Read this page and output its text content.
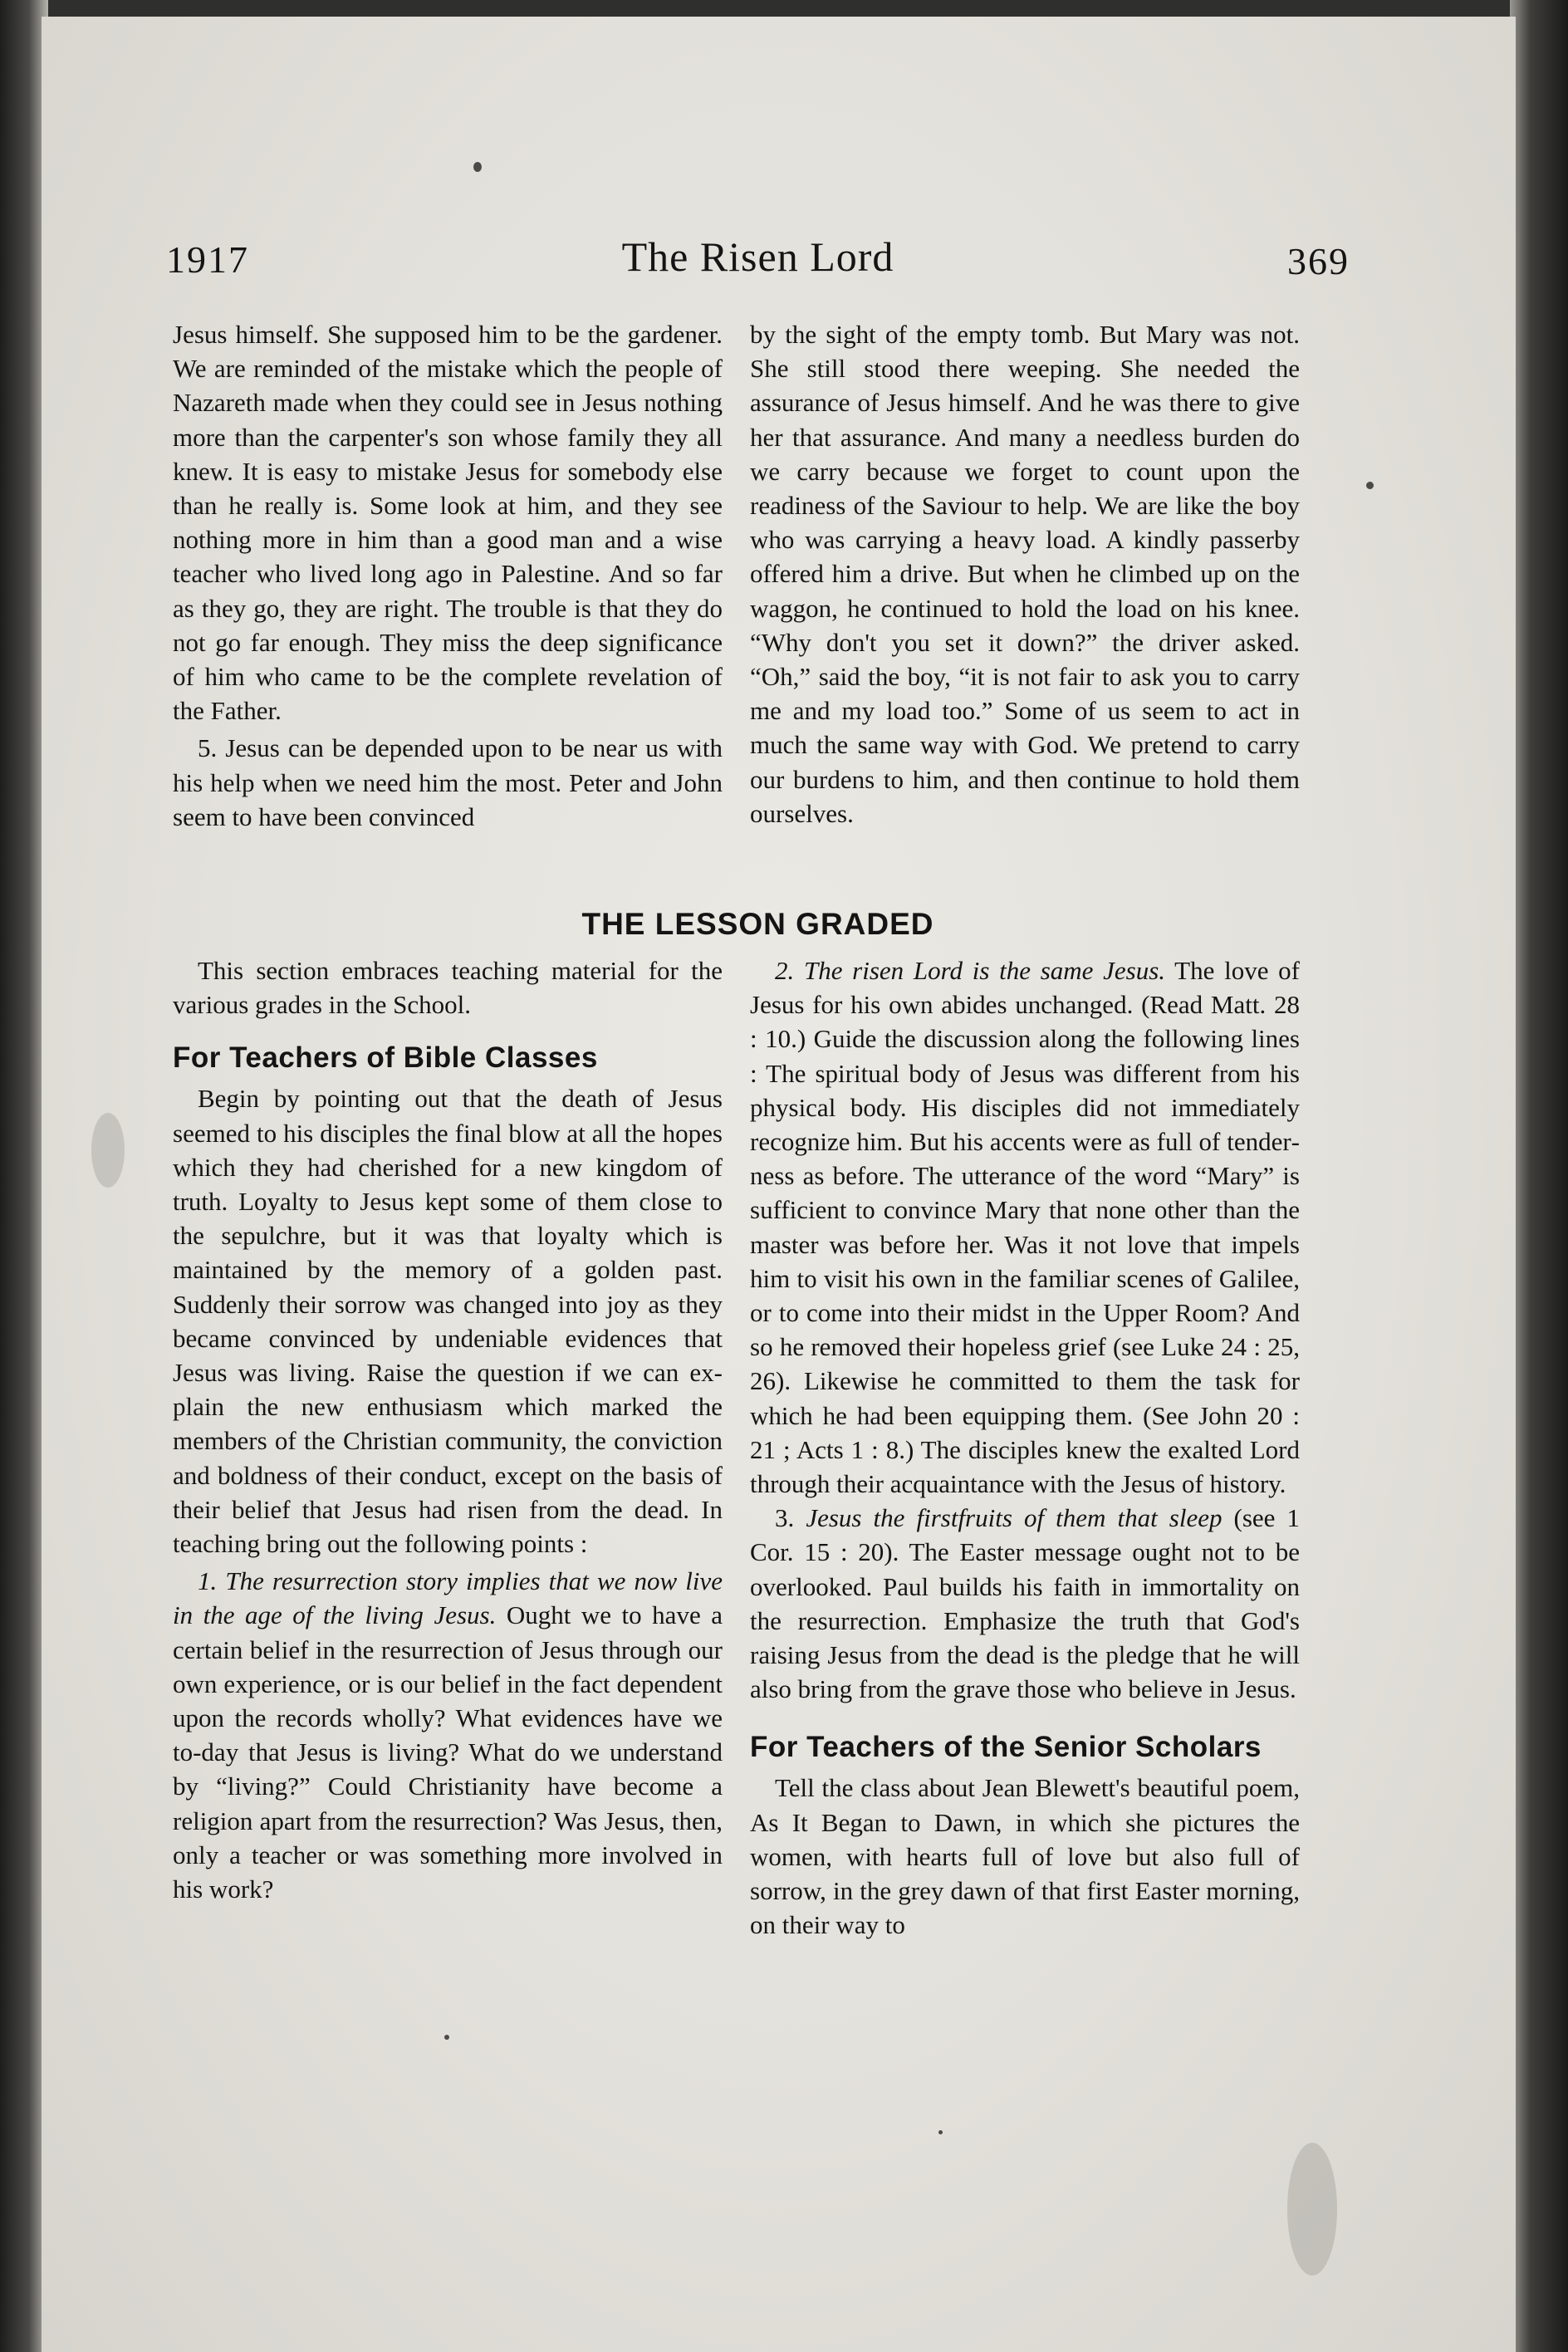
1917	The Risen Lord	369

Jesus himself. She supposed him to be the gardener. We are reminded of the mistake which the people of Nazareth made when they could see in Jesus nothing more than the carpenter's son whose family they all knew. It is easy to mistake Jesus for somebody else than he really is. Some look at him, and they see nothing more in him than a good man and a wise teacher who lived long ago in Palestine. And so far as they go, they are right. The trouble is that they do not go far enough. They miss the deep significance of him who came to be the complete revelation of the Father.

5. Jesus can be depended upon to be near us with his help when we need him the most. Peter and John seem to have been convinced

by the sight of the empty tomb. But Mary was not. She still stood there weeping. She needed the assurance of Jesus himself. And he was there to give her that assurance. And many a needless burden do we carry because we forget to count upon the readiness of the Saviour to help. We are like the boy who was carrying a heavy load. A kindly passerby offered him a drive. But when he climbed up on the waggon, he continued to hold the load on his knee. “Why don't you set it down?” the driver asked. “Oh,” said the boy, “it is not fair to ask you to carry me and my load too.” Some of us seem to act in much the same way with God. We pretend to carry our burdens to him, and then continue to hold them ourselves.

THE LESSON GRADED

This section embraces teaching material for the various grades in the School.

For Teachers of Bible Classes

Begin by pointing out that the death of Jesus seemed to his disciples the final blow at all the hopes which they had cherished for a new kingdom of truth. Loyalty to Jesus kept some of them close to the sepulchre, but it was that loyalty which is maintained by the memory of a golden past. Suddenly their sorrow was changed into joy as they became convinced by undeniable evidences that Jesus was living. Raise the question if we can explain the new enthusiasm which marked the members of the Christian community, the conviction and boldness of their conduct, except on the basis of their belief that Jesus had risen from the dead. In teaching bring out the following points :

1. The resurrection story implies that we now live in the age of the living Jesus. Ought we to have a certain belief in the resurrection of Jesus through our own experience, or is our belief in the fact dependent upon the records wholly? What evidences have we to-day that Jesus is living? What do we understand by “living?” Could Christianity have become a religion apart from the resurrection? Was Jesus, then, only a teacher or was something more involved in his work?

2. The risen Lord is the same Jesus. The love of Jesus for his own abides unchanged. (Read Matt. 28 : 10.) Guide the discussion along the following lines : The spiritual body of Jesus was different from his physical body. His disciples did not immediately recognize him. But his accents were as full of tenderness as before. The utterance of the word “Mary” is sufficient to convince Mary that none other than the master was before her. Was it not love that impels him to visit his own in the familiar scenes of Galilee, or to come into their midst in the Upper Room? And so he removed their hopeless grief (see Luke 24 : 25, 26). Likewise he committed to them the task for which he had been equipping them. (See John 20 : 21 ; Acts 1 : 8.) The disciples knew the exalted Lord through their acquaintance with the Jesus of history.

3. Jesus the firstfruits of them that sleep (see 1 Cor. 15 : 20). The Easter message ought not to be overlooked. Paul builds his faith in immortality on the resurrection. Emphasize the truth that God's raising Jesus from the dead is the pledge that he will also bring from the grave those who believe in Jesus.

For Teachers of the Senior Scholars

Tell the class about Jean Blewett's beautiful poem, As It Began to Dawn, in which she pictures the women, with hearts full of love but also full of sorrow, in the grey dawn of that first Easter morning, on their way to
